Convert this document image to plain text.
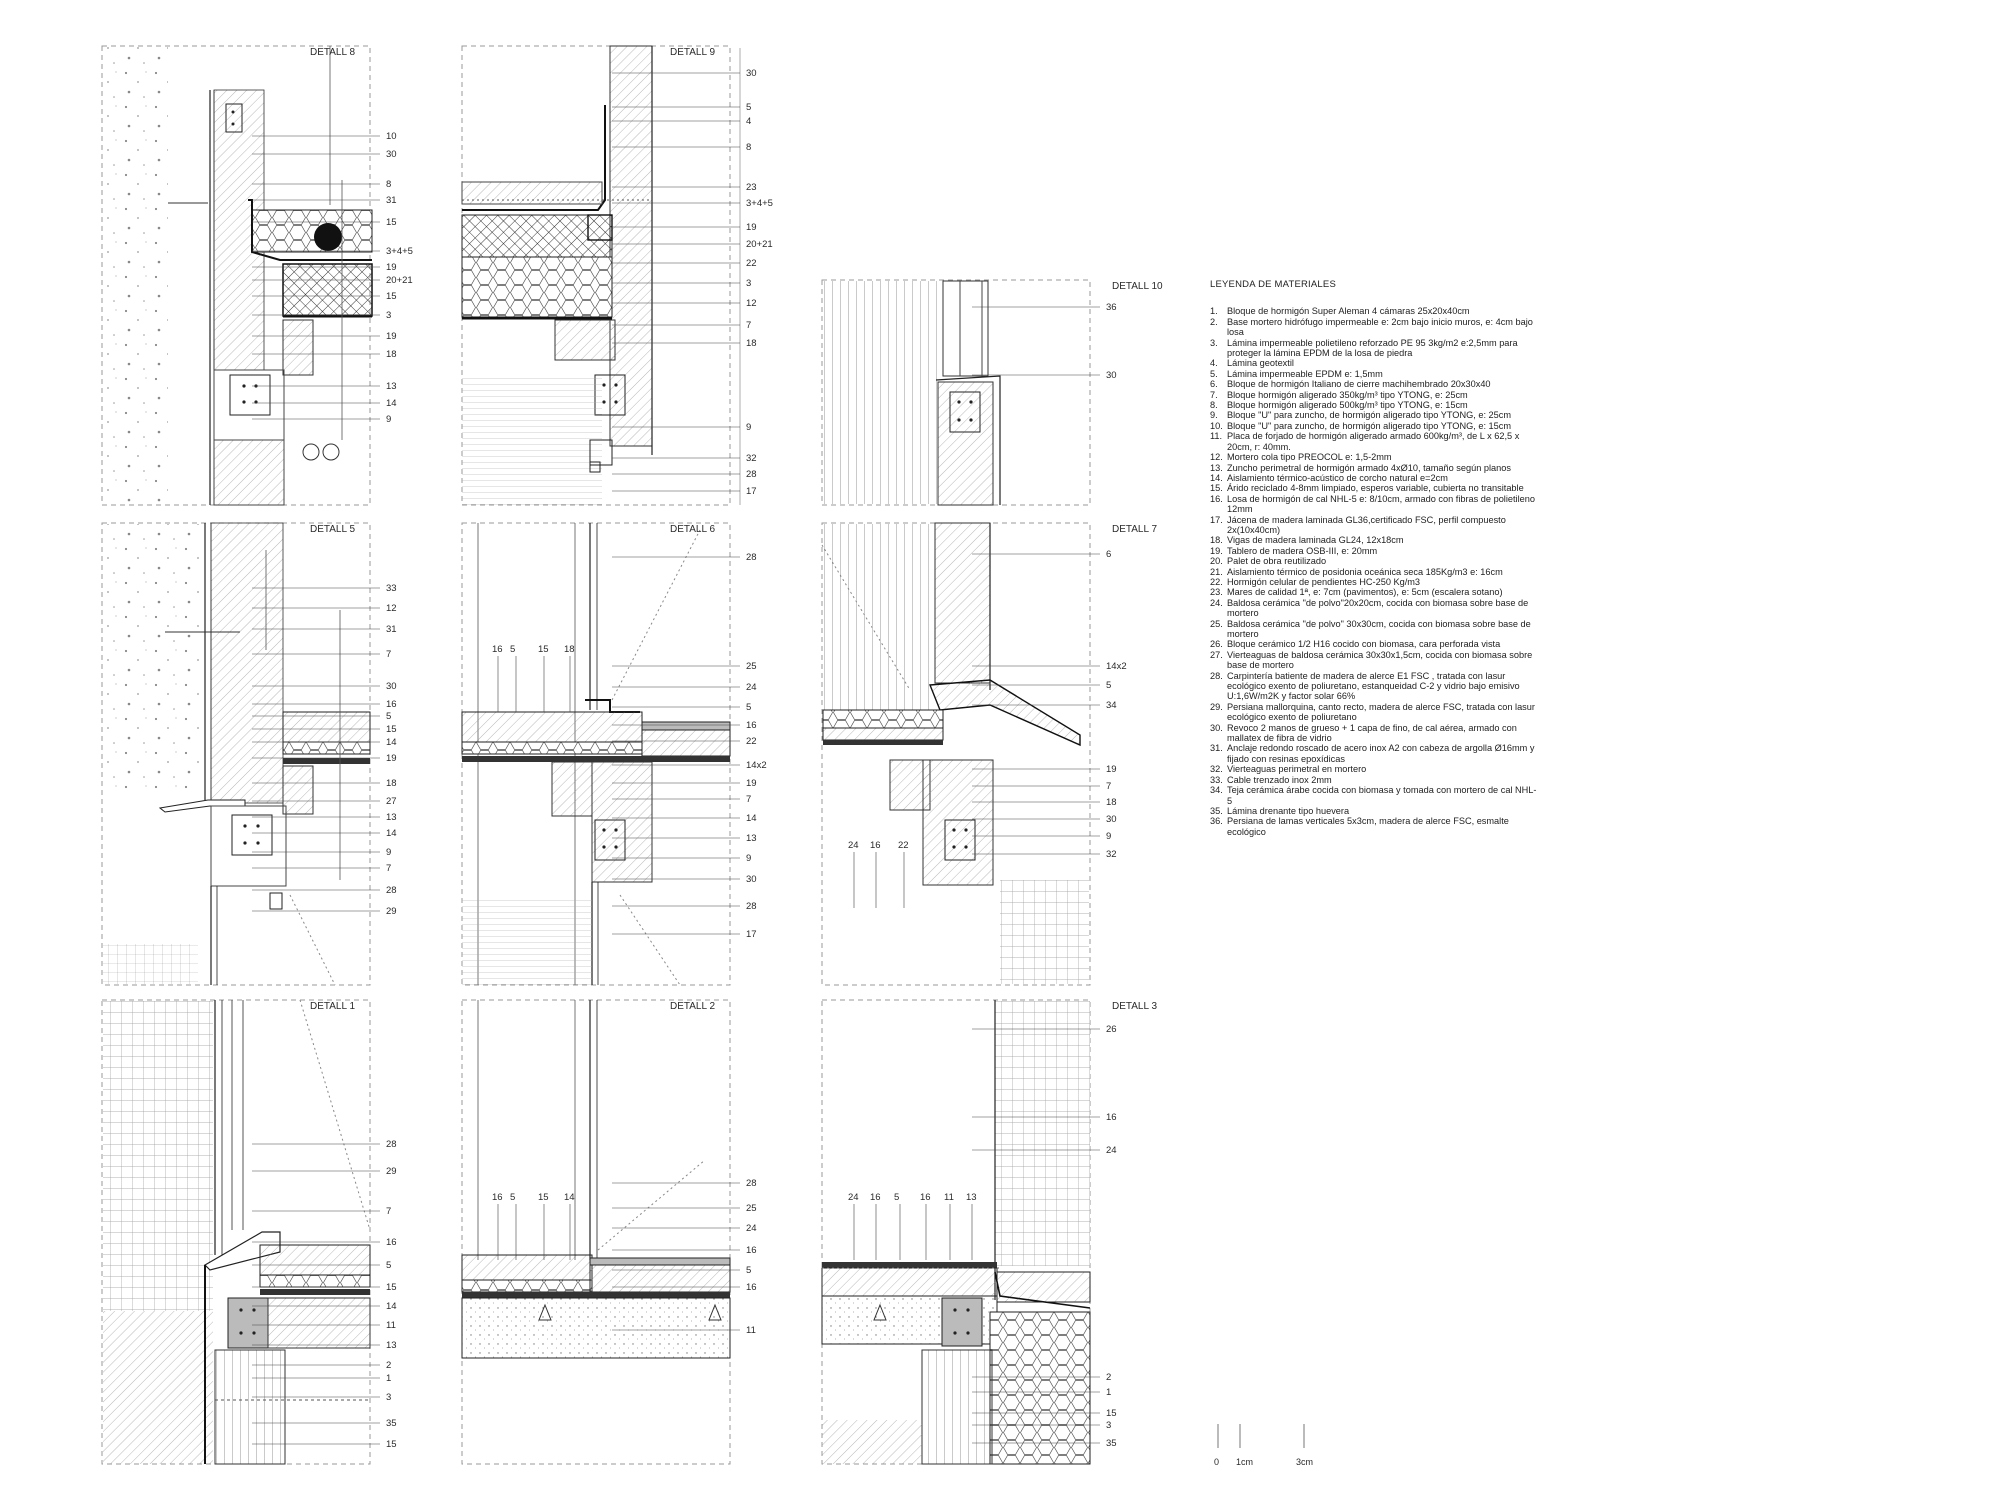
DETALL 8
10
30
8
31
15
3+4+5
19
20+21
15
3
19
18
13
14
9
DETALL 9
30
5
4
8
23
3+4+5
19
20+21
22
3
12
7
18
9
32
28
17
DETALL 10
36
30
DETALL 5
33
12
31
7
30
16
5
15
14
19
18
27
13
14
9
7
28
29
DETALL 6
28
25
24
5
16
22
14x2
19
7
14
13
9
30
28
17
DETALL 7
6
14x2
5
34
19
7
18
30
9
32
DETALL 1
28
29
7
16
5
15
14
11
13
2
1
3
35
15
DETALL 2
28
25
24
16
5
16
11
DETALL 3
26
16
24
2
1
15
3
35
16 5 15 18
24 16 22
16 5 15 14	24 16 5 16 11 13
LEYENDA DE MATERIALES
1.	Bloque de hormigón Super Aleman 4 cámaras 25x20x40cm
2.	Base mortero hidrófugo impermeable e: 2cm bajo inicio muros, e: 4cm bajo losa
3.	Lámina impermeable polietileno reforzado PE 95 3kg/m2 e:2,5mm para proteger la lámina EPDM de la losa de piedra
4.	Lámina geotextil
5.	Lámina impermeable EPDM e: 1,5mm
6.	Bloque de hormigón Italiano de cierre machihembrado 20x30x40
7.	Bloque hormigón aligerado 350kg/m³ tipo YTONG, e: 25cm
8.	Bloque hormigón aligerado 500kg/m³ tipo YTONG, e: 15cm
9.	Bloque "U" para zuncho, de hormigón aligerado tipo YTONG, e: 25cm
10. Bloque "U" para zuncho, de hormigón aligerado tipo YTONG, e: 15cm
11. Placa de forjado de hormigón aligerado armado 600kg/m³, de L x 62,5 x 20cm, r: 40mm.
12. Mortero cola tipo PREOCOL e: 1,5-2mm
13. Zuncho perimetral de hormigón armado 4xØ10, tamaño según planos
14. Aislamiento térmico-acústico de corcho natural e=2cm
15. Árido reciclado 4-8mm limpiado, esperos variable, cubierta no transitable
16. Losa de hormigón de cal NHL-5 e: 8/10cm, armado con fibras de polietileno 12mm
17. Jácena de madera laminada GL36,certificado FSC, perfil compuesto 2x(10x40cm)
18. Vigas de madera laminada GL24, 12x18cm
19. Tablero de madera OSB-III, e: 20mm
20. Palet de obra reutilizado
21. Aislamiento térmico de posidonia oceánica seca 185Kg/m3 e: 16cm
22. Hormigón celular de pendientes HC-250 Kg/m3
23. Mares de calidad 1ª, e: 7cm (pavimentos), e: 5cm (escalera sotano)
24. Baldosa cerámica "de polvo"20x20cm, cocida con biomasa sobre base de mortero
25. Baldosa cerámica "de polvo" 30x30cm, cocida con biomasa sobre base de mortero
26. Bloque cerámico 1/2 H16 cocido con biomasa, cara perforada vista
27. Vierteaguas de baldosa cerámica 30x30x1,5cm, cocida con biomasa sobre base de mortero
28. Carpintería batiente de madera de alerce E1 FSC , tratada con lasur ecológico exento de poliuretano, estanqueidad C-2 y vidrio bajo emisivo U:1,6W/m2K y factor solar 66%
29. Persiana mallorquina, canto recto, madera de alerce FSC, tratada con lasur ecológico exento de poliuretano
30. Revoco 2 manos de grueso + 1 capa de fino, de cal aérea, armado con mallatex de fibra de vidrio
31. Anclaje redondo roscado de acero inox A2 con cabeza de argolla Ø16mm y fijado con resinas epoxídicas
32. Vierteaguas perimetral en mortero
33. Cable trenzado inox 2mm
34. Teja cerámica árabe cocida con biomasa y tomada con mortero de cal NHL-5
35. Lámina drenante tipo huevera
36. Persiana de lamas verticales 5x3cm, madera de alerce FSC, esmalte ecológico
0 1cm	3cm
